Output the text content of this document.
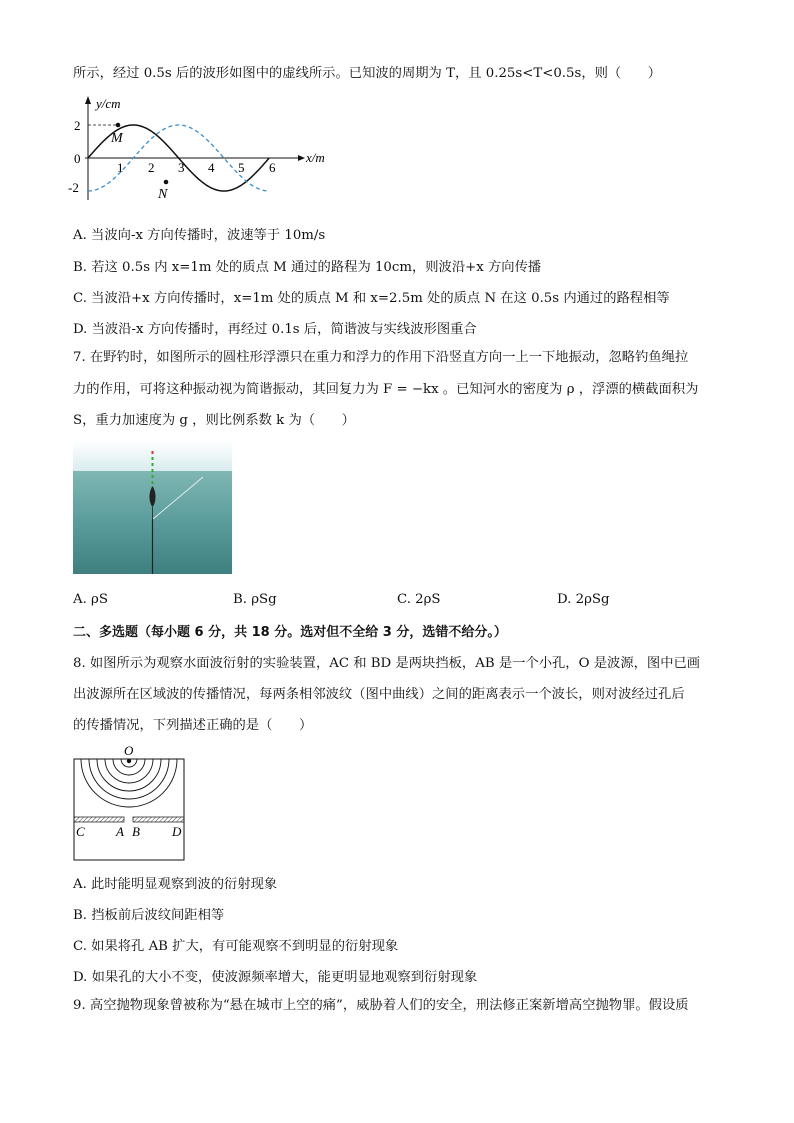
所示，经过 0.5s 后的波形如图中的虚线所示。已知波的周期为 T，且 0.25s<T<0.5s，则（　　）
y/cm
x/m
2
0
-2
1 2 3 4 5 6
M
N
A. 当波向-x 方向传播时，波速等于 10m/s
B. 若这 0.5s 内 x=1m 处的质点 M 通过的路程为 10cm，则波沿+x 方向传播
C. 当波沿+x 方向传播时，x=1m 处的质点 M 和 x=2.5m 处的质点 N 在这 0.5s 内通过的路程相等
D. 当波沿-x 方向传播时，再经过 0.1s 后，简谐波与实线波形图重合
7. 在野钓时，如图所示的圆柱形浮漂只在重力和浮力的作用下沿竖直方向一上一下地振动，忽略钓鱼绳拉
力的作用，可将这种振动视为简谐振动，其回复力为 F = −kx 。已知河水的密度为 ρ ，浮漂的横截面积为
S，重力加速度为 g ，则比例系数 k 为（　　）
A. ρS	B. ρSg	C. 2ρS	D. 2ρSg
二、多选题（每小题 6 分，共 18 分。选对但不全给 3 分，选错不给分。）
8. 如图所示为观察水面波衍射的实验装置，AC 和 BD 是两块挡板，AB 是一个小孔，O 是波源，图中已画
出波源所在区域波的传播情况，每两条相邻波纹（图中曲线）之间的距离表示一个波长，则对波经过孔后
的传播情况，下列描述正确的是（　　）
O
C A B D
A. 此时能明显观察到波的衍射现象
B. 挡板前后波纹间距相等
C. 如果将孔 AB 扩大，有可能观察不到明显的衍射现象
D. 如果孔的大小不变，使波源频率增大，能更明显地观察到衍射现象
9. 高空抛物现象曾被称为“悬在城市上空的痛”，威胁着人们的安全，刑法修正案新增高空抛物罪。假设质
